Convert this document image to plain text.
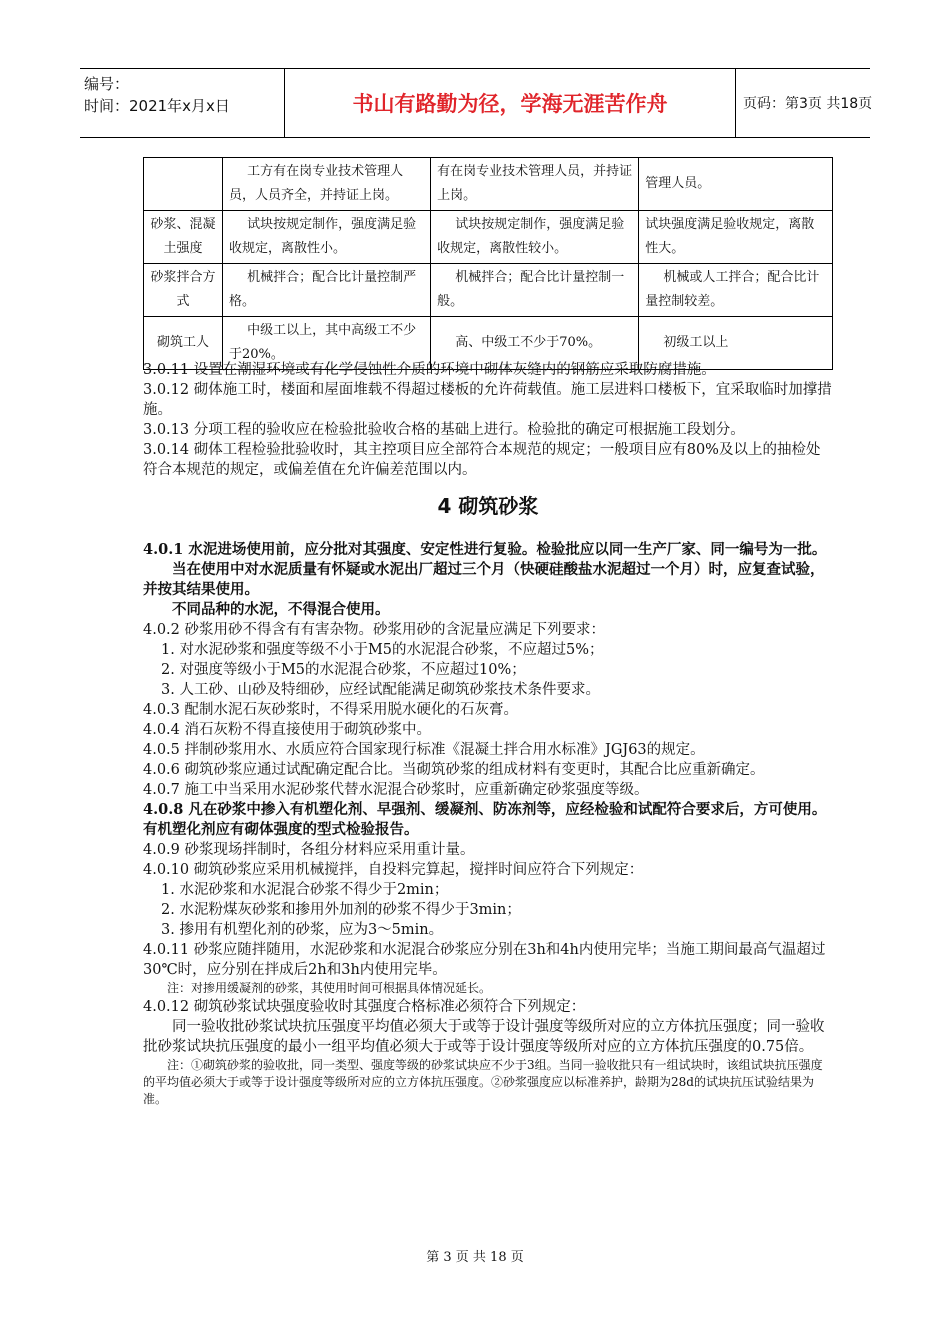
编号：
时间：2021年x月x日	书山有路勤为径，学海无涯苦作舟	页码：第3页 共18页
	工方有在岗专业技术管理人员，人员齐全，并持证上岗。	有在岗专业技术管理人员，并持证上岗。	管理人员。
砂浆、混凝土强度	试块按规定制作，强度满足验收规定，离散性小。	试块按规定制作，强度满足验收规定，离散性较小。	试块强度满足验收规定，离散性大。
砂浆拌合方式	机械拌合；配合比计量控制严格。	机械拌合；配合比计量控制一般。	机械或人工拌合；配合比计量控制较差。
砌筑工人	中级工以上，其中高级工不少于20%。	高、中级工不少于70%。	初级工以上

3.0.11 设置在潮湿环境或有化学侵蚀性介质的环境中砌体灰缝内的钢筋应采取防腐措施。

3.0.12 砌体施工时，楼面和屋面堆载不得超过楼板的允许荷载值。施工层进料口楼板下，宜采取临时加撑措施。

3.0.13 分项工程的验收应在检验批验收合格的基础上进行。检验批的确定可根据施工段划分。

3.0.14 砌体工程检验批验收时，其主控项目应全部符合本规范的规定；一般项目应有80%及以上的抽检处符合本规范的规定，或偏差值在允许偏差范围以内。

4 砌筑砂浆

4.0.1 水泥进场使用前，应分批对其强度、安定性进行复验。检验批应以同一生产厂家、同一编号为一批。

当在使用中对水泥质量有怀疑或水泥出厂超过三个月（快硬硅酸盐水泥超过一个月）时，应复查试验，并按其结果使用。

不同品种的水泥，不得混合使用。

4.0.2 砂浆用砂不得含有有害杂物。砂浆用砂的含泥量应满足下列要求：

1. 对水泥砂浆和强度等级不小于M5的水泥混合砂浆，不应超过5%；

2. 对强度等级小于M5的水泥混合砂浆，不应超过10%；

3. 人工砂、山砂及特细砂，应经试配能满足砌筑砂浆技术条件要求。

4.0.3 配制水泥石灰砂浆时，不得采用脱水硬化的石灰膏。

4.0.4 消石灰粉不得直接使用于砌筑砂浆中。

4.0.5 拌制砂浆用水、水质应符合国家现行标准《混凝土拌合用水标准》JGJ63的规定。

4.0.6 砌筑砂浆应通过试配确定配合比。当砌筑砂浆的组成材料有变更时，其配合比应重新确定。

4.0.7 施工中当采用水泥砂浆代替水泥混合砂浆时，应重新确定砂浆强度等级。

4.0.8 凡在砂浆中掺入有机塑化剂、早强剂、缓凝剂、防冻剂等，应经检验和试配符合要求后，方可使用。有机塑化剂应有砌体强度的型式检验报告。

4.0.9 砂浆现场拌制时，各组分材料应采用重计量。

4.0.10 砌筑砂浆应采用机械搅拌，自投料完算起，搅拌时间应符合下列规定：

1. 水泥砂浆和水泥混合砂浆不得少于2min；

2. 水泥粉煤灰砂浆和掺用外加剂的砂浆不得少于3min；

3. 掺用有机塑化剂的砂浆，应为3～5min。

4.0.11 砂浆应随拌随用，水泥砂浆和水泥混合砂浆应分别在3h和4h内使用完毕；当施工期间最高气温超过30℃时，应分别在拌成后2h和3h内使用完毕。

注：对掺用缓凝剂的砂浆，其使用时间可根据具体情况延长。

4.0.12 砌筑砂浆试块强度验收时其强度合格标准必须符合下列规定：

同一验收批砂浆试块抗压强度平均值必须大于或等于设计强度等级所对应的立方体抗压强度；同一验收批砂浆试块抗压强度的最小一组平均值必须大于或等于设计强度等级所对应的立方体抗压强度的0.75倍。

注：①砌筑砂浆的验收批，同一类型、强度等级的砂浆试块应不少于3组。当同一验收批只有一组试块时，该组试块抗压强度的平均值必须大于或等于设计强度等级所对应的立方体抗压强度。②砂浆强度应以标准养护，龄期为28d的试块抗压试验结果为准。

第 3 页 共 18 页
